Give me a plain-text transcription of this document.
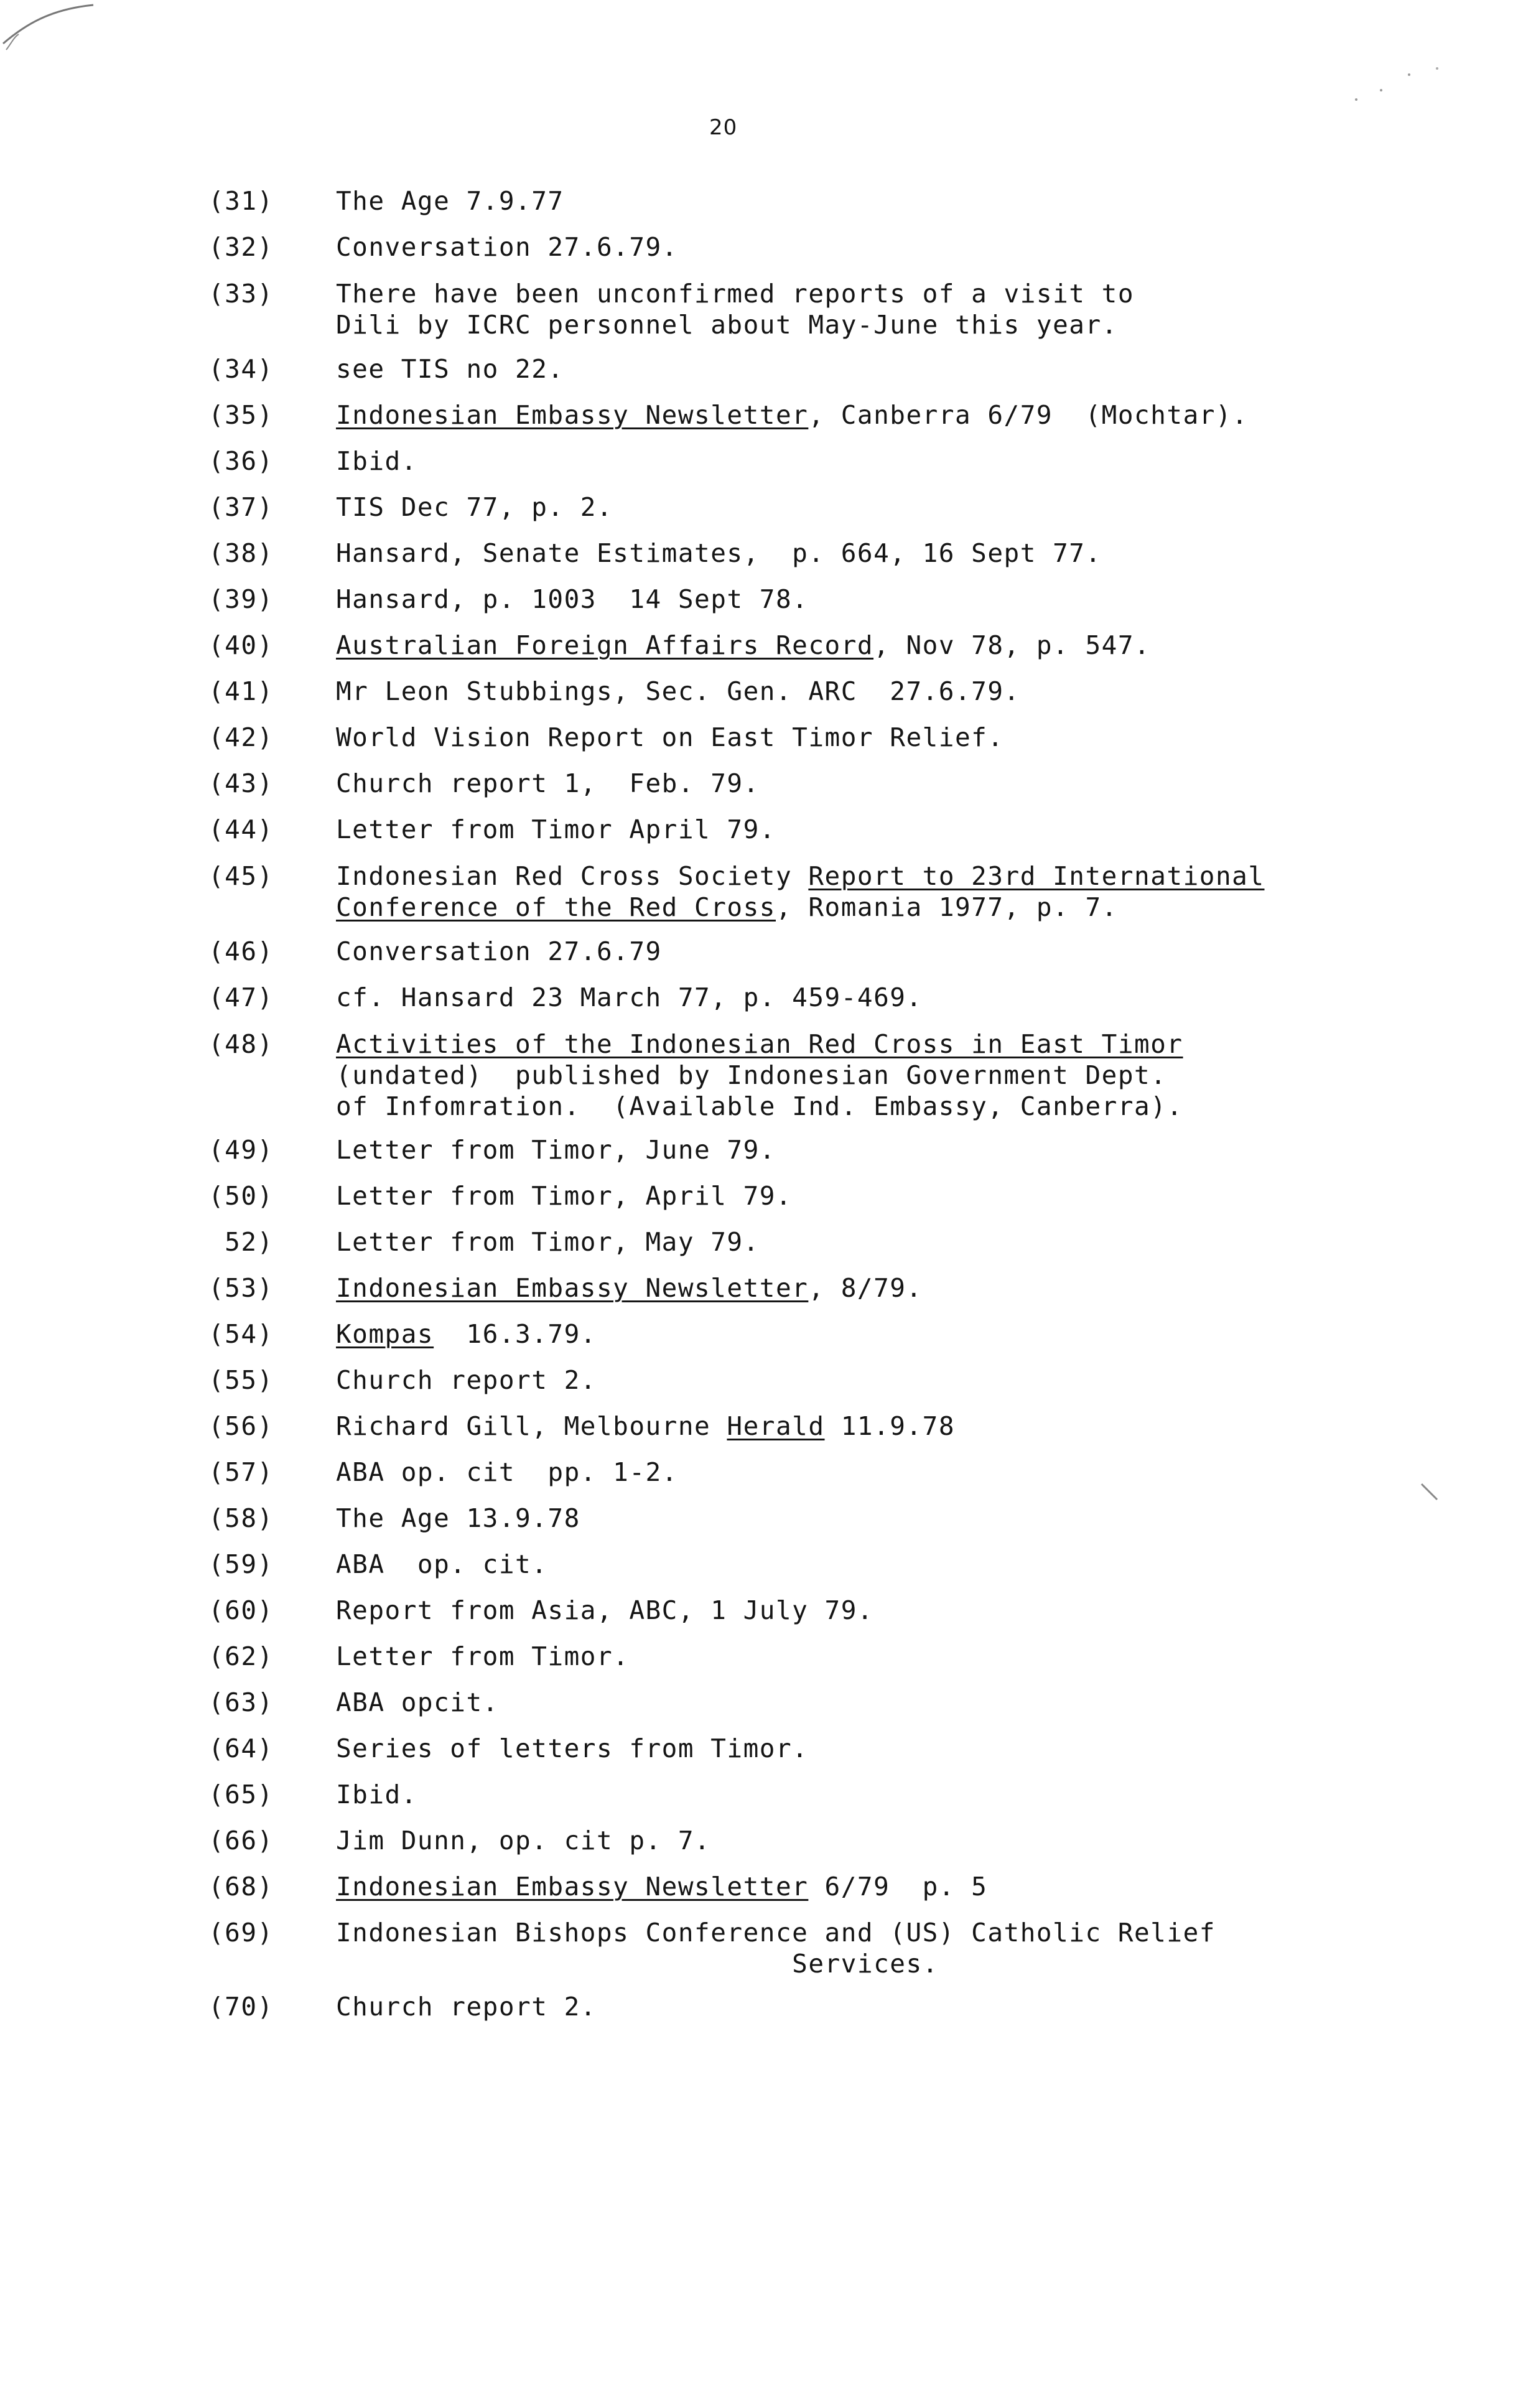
20
(31) The Age 7.9.77
(32) Conversation 27.6.79.
(33) There have been unconfirmed reports of a visit to
Dili by ICRC personnel about May-June this year.
(34) see TIS no 22.
(35) Indonesian Embassy Newsletter, Canberra 6/79  (Mochtar).
(36) Ibid.
(37) TIS Dec 77, p. 2.
(38) Hansard, Senate Estimates,  p. 664, 16 Sept 77.
(39) Hansard, p. 1003  14 Sept 78.
(40) Australian Foreign Affairs Record, Nov 78, p. 547.
(41) Mr Leon Stubbings, Sec. Gen. ARC  27.6.79.
(42) World Vision Report on East Timor Relief.
(43) Church report 1,  Feb. 79.
(44) Letter from Timor April 79.
(45) Indonesian Red Cross Society Report to 23rd International
Conference of the Red Cross, Romania 1977, p. 7.
(46) Conversation 27.6.79
(47) cf. Hansard 23 March 77, p. 459-469.
(48) Activities of the Indonesian Red Cross in East Timor
(undated)  published by Indonesian Government Dept.
of Infomration.  (Available Ind. Embassy, Canberra).
(49) Letter from Timor, June 79.
(50) Letter from Timor, April 79.
52) Letter from Timor, May 79.
(53) Indonesian Embassy Newsletter, 8/79.
(54) Kompas  16.3.79.
(55) Church report 2.
(56) Richard Gill, Melbourne Herald 11.9.78
(57) ABA op. cit  pp. 1-2.
(58) The Age 13.9.78
(59) ABA  op. cit.
(60) Report from Asia, ABC, 1 July 79.
(62) Letter from Timor.
(63) ABA opcit.
(64) Series of letters from Timor.
(65) Ibid.
(66) Jim Dunn, op. cit p. 7.
(68) Indonesian Embassy Newsletter 6/79  p. 5
(69) Indonesian Bishops Conference and (US) Catholic Relief
Services.
(70) Church report 2.
